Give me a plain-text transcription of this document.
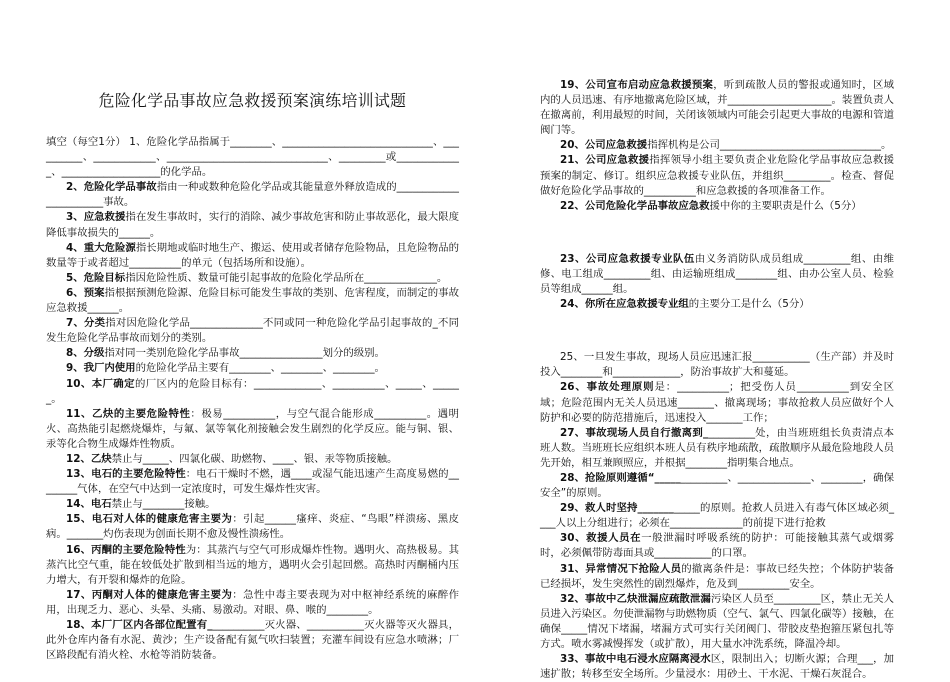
危险化学品事故应急救援预案演练培训试题

填空（每空1分） 1、危险化学品指属于________、_____________________________、__________、____________、_______________________________、_________或_____________、___________________的化学品。

2、危险化学品事故指由一种或数种危险化学品或其能量意外释放造成的_______________________事故。

3、应急救援指在发生事故时，实行的消除、减少事故危害和防止事故恶化，最大限度降低事故损失的______。

4、重大危险源指长期地或临时地生产、搬运、使用或者储存危险物品，且危险物品的数量等于或者超过__________的单元（包括场所和设施）。

5、危险目标指因危险性质、数量可能引起事故的危险化学品所在______________。

6、预案指根据预测危险源、危险目标可能发生事故的类别、危害程度，而制定的事故应急救援______。

7、分类指对因危险化学品______________不同或同一种危险化学品引起事故的_不同发生危险化学品事故而划分的类别。

8、分级指对同一类别危险化学品事故________________划分的级别。

9、我厂内使用的危险化学品主要有________、________、________。

10、本厂确定的厂区内的危险目标有：_____________、__________、_____、______。

11、乙炔的主要危险特性：极易__________，与空气混合能形成__________。遇明火、高热能引起燃烧爆炸，与氟、氯等氧化剂接触会发生剧烈的化学反应。能与铜、银、汞等化合物生成爆炸性物质。

12、乙炔禁止与_____、四氯化碳、助燃物、____、银、汞等物质接触。

13、电石的主要危险特性：电石干燥时不燃，遇____或湿气能迅速产生高度易燃的________气体，在空气中达到一定浓度时，可发生爆炸性灾害。

14、电石禁止与________接触。

15、电石对人体的健康危害主要为：引起______瘙痒、炎症、“鸟眼”样溃疡、黑皮病。_______灼伤表现为创面长期不愈及慢性溃疡性。

16、丙酮的主要危险特性为：其蒸汽与空气可形成爆炸性物。遇明火、高热极易。其蒸汽比空气重，能在较低处扩散到相当远的地方，遇明火会引起回燃。高热时丙酮桶内压力增大，有开裂和爆炸的危险。

17、丙酮对人体的健康危害主要为：急性中毒主要表现为对中枢神经系统的麻醉作用，出现乏力、恶心、头晕、头痛、易激动。对眼、鼻、喉的________。

18、本厂厂区内各部位配置有___________灭火器、___________灭火器等灭火器具，此外仓库内备有水泥、黄沙；生产设备配有氮气吹扫装置；充灌车间设有应急水喷淋；厂区路段配有消火栓、水枪等消防装备。

19、公司宣布启动应急救援预案，听到疏散人员的警报或通知时，区域内的人员迅速、有序地撤离危险区域，并____________________。装置负责人在撤离前，利用最短的时间，关闭该领域内可能会引起更大事故的电源和管道阀门等。

20、公司应急救援指挥机构是公司_______________________________。

21、公司应急救援指挥领导小组主要负责企业危险化学品事故应急救援预案的制定、修订。组织应急救援专业队伍，并组织_________。检查、督促做好危险化学品事故的__________和应急救援的各项准备工作。

22、公司危险化学品事故应急救援中你的主要职责是什么（5分）

23、公司应急救援专业队伍由义务消防队成员组成_________组、由维修、电工组成_________组、由运输班组成________组、由办公室人员、检验员等组成______组。

24、你所在应急救援专业组的主要分工是什么（5分）

25、一旦发生事故，现场人员应迅速汇报___________（生产部）并及时投入________和_____________，防治事故扩大和蔓延。

26、事故处理原则是：__________；把受伤人员__________到安全区域；危险范围内无关人员迅速_______、撤离现场；事故抢救人员应做好个人防护和必要的防范措施后，迅速投入_______工作；

27、事故现场人员自行撤离到__________处，由当班班组长负责清点本班人数。当班班长应组织本班人员有秩序地疏散，疏散顺序从最危险地段人员先开始，相互兼顾照应，并根据________指明集合地点。

28、抢险原则遵循“______________、______________、________，确保安全”的原则。

29、救人时坚持____________的原则。抢救人员进入有毒气体区域必须____人以上分组进行；必须在______________的前提下进行抢救

30、救援人员在一般泄漏时呼吸系统的防护：可能接触其蒸气或烟雾时，必须佩带防毒面具或___________的口罩。

31、异常情况下抢险人员的撤离条件是：事故已经失控；个体防护装备已经损坏，发生突然性的剧烈爆炸，危及到__________安全。

32、事故中乙炔泄漏应疏散泄漏污染区人员至_________区，禁止无关人员进入污染区。勿使泄漏物与助燃物质（空气、氯气、四氯化碳等）接触，在确保_____情况下堵漏，堵漏方式可实行关闭阀门、带胶皮垫抱箍压紧包扎等方式。喷水雾减慢挥发（或扩散），用大量水冲洗系统，降温冷却。

33、事故中电石浸水应隔离浸水区，限制出入；切断火源；合理___，加速扩散；转移至安全场所。少量浸水：用砂土、干水泥、干燥石灰混合。
